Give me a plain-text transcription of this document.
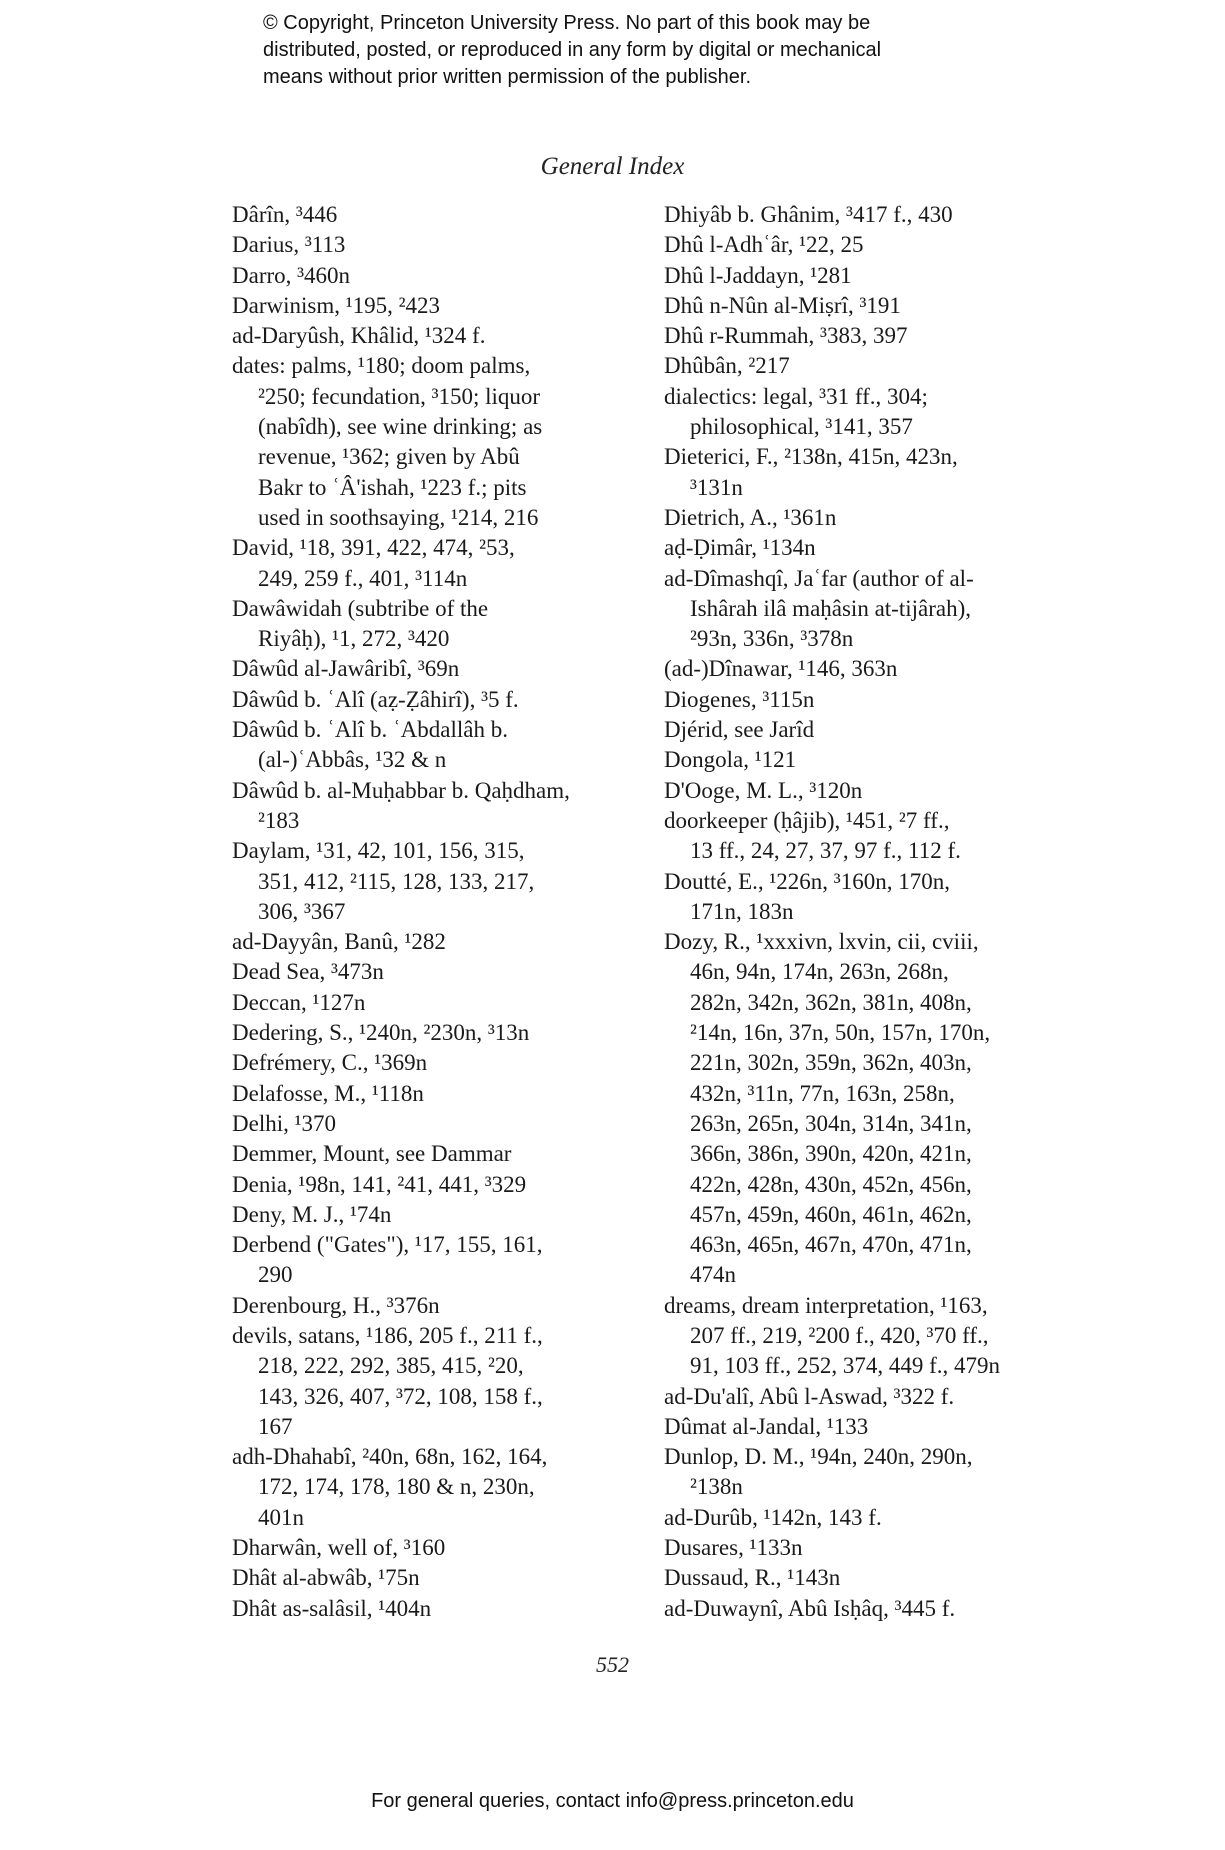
© Copyright, Princeton University Press. No part of this book may be
distributed, posted, or reproduced in any form by digital or mechanical
means without prior written permission of the publisher.
General Index
Dârîn, ³446
Darius, ³113
Darro, ³460n
Darwinism, ¹195, ²423
ad-Daryûsh, Khâlid, ¹324 f.
dates: palms, ¹180; doom palms,
²250; fecundation, ³150; liquor
(nabîdh), see wine drinking; as
revenue, ¹362; given by Abû
Bakr to ʿÂ'ishah, ¹223 f.; pits
used in soothsaying, ¹214, 216
David, ¹18, 391, 422, 474, ²53,
249, 259 f., 401, ³114n
Dawâwidah (subtribe of the
Riyâḥ), ¹1, 272, ³420
Dâwûd al-Jawâribî, ³69n
Dâwûd b. ʿAlî (aẓ-Ẓâhirî), ³5 f.
Dâwûd b. ʿAlî b. ʿAbdallâh b.
(al-)ʿAbbâs, ¹32 & n
Dâwûd b. al-Muḥabbar b. Qaḥdham,
²183
Daylam, ¹31, 42, 101, 156, 315,
351, 412, ²115, 128, 133, 217,
306, ³367
ad-Dayyân, Banû, ¹282
Dead Sea, ³473n
Deccan, ¹127n
Dedering, S., ¹240n, ²230n, ³13n
Defrémery, C., ¹369n
Delafosse, M., ¹118n
Delhi, ¹370
Demmer, Mount, see Dammar
Denia, ¹98n, 141, ²41, 441, ³329
Deny, M. J., ¹74n
Derbend ("Gates"), ¹17, 155, 161,
290
Derenbourg, H., ³376n
devils, satans, ¹186, 205 f., 211 f.,
218, 222, 292, 385, 415, ²20,
143, 326, 407, ³72, 108, 158 f.,
167
adh-Dhahabî, ²40n, 68n, 162, 164,
172, 174, 178, 180 & n, 230n,
401n
Dharwân, well of, ³160
Dhât al-abwâb, ¹75n
Dhât as-salâsil, ¹404n
Dhiyâb b. Ghânim, ³417 f., 430
Dhû l-Adhʿâr, ¹22, 25
Dhû l-Jaddayn, ¹281
Dhû n-Nûn al-Miṣrî, ³191
Dhû r-Rummah, ³383, 397
Dhûbân, ²217
dialectics: legal, ³31 ff., 304;
philosophical, ³141, 357
Dieterici, F., ²138n, 415n, 423n,
³131n
Dietrich, A., ¹361n
aḍ-Ḍimâr, ¹134n
ad-Dîmashqî, Jaʿfar (author of al-
Ishârah ilâ maḥâsin at-tijârah),
²93n, 336n, ³378n
(ad-)Dînawar, ¹146, 363n
Diogenes, ³115n
Djérid, see Jarîd
Dongola, ¹121
D'Ooge, M. L., ³120n
doorkeeper (ḥâjib), ¹451, ²7 ff.,
13 ff., 24, 27, 37, 97 f., 112 f.
Doutté, E., ¹226n, ³160n, 170n,
171n, 183n
Dozy, R., ¹xxxivn, lxvin, cii, cviii,
46n, 94n, 174n, 263n, 268n,
282n, 342n, 362n, 381n, 408n,
²14n, 16n, 37n, 50n, 157n, 170n,
221n, 302n, 359n, 362n, 403n,
432n, ³11n, 77n, 163n, 258n,
263n, 265n, 304n, 314n, 341n,
366n, 386n, 390n, 420n, 421n,
422n, 428n, 430n, 452n, 456n,
457n, 459n, 460n, 461n, 462n,
463n, 465n, 467n, 470n, 471n,
474n
dreams, dream interpretation, ¹163,
207 ff., 219, ²200 f., 420, ³70 ff.,
91, 103 ff., 252, 374, 449 f., 479n
ad-Du'alî, Abû l-Aswad, ³322 f.
Dûmat al-Jandal, ¹133
Dunlop, D. M., ¹94n, 240n, 290n,
²138n
ad-Durûb, ¹142n, 143 f.
Dusares, ¹133n
Dussaud, R., ¹143n
ad-Duwaynî, Abû Isḥâq, ³445 f.
552
For general queries, contact info@press.princeton.edu
